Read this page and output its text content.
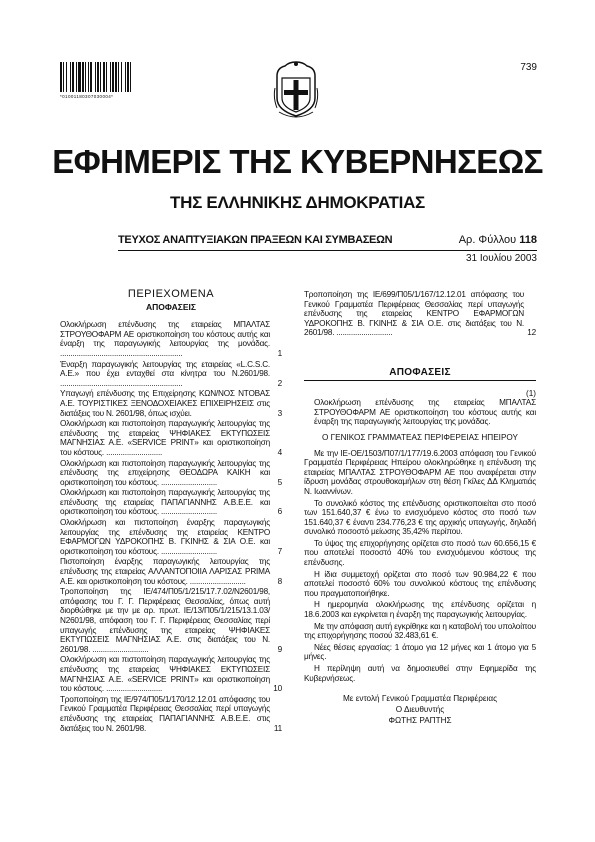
*01001180307030004*
739
ΕΦΗΜΕΡΙΣ ΤΗΣ ΚΥΒΕΡΝΗΣΕΩΣ
ΤΗΣ ΕΛΛΗΝΙΚΗΣ ΔΗΜΟΚΡΑΤΙΑΣ
ΤΕΥΧΟΣ ΑΝΑΠΤΥΞΙΑΚΩΝ ΠΡΑΞΕΩΝ ΚΑΙ ΣΥΜΒΑΣΕΩΝ	Αρ. Φύλλου 118
31 Ιουλίου 2003
ΠΕΡΙΕΧΟΜΕΝΑ
ΑΠΟΦΑΣΕΙΣ
Ολοκλήρωση επένδυσης της εταιρείας ΜΠΑΛΤΑΣ ΣΤΡΟΥΘΟΦΑΡΜ ΑΕ οριστικοποίηση του κόστους αυτής και έναρξη της παραγωγικής λειτουργίας της μονάδας. ...........................................................	1
Έναρξη παραγωγικής λειτουργίας της εταιρείας «L.C.S.C. A.E.» που έχει ενταχθεί στα κίνητρα του Ν.2601/98. ...........................................................	2
Υπαγωγή επένδυσης της Επιχείρησης ΚΩΝ/ΝΟΣ ΝΤΟΒΑΣ Α.Ε. ΤΟΥΡΙΣΤΙΚΕΣ ΞΕΝΟΔΟΧΕΙΑΚΕΣ ΕΠΙΧΕΙΡΗΣΕΙΣ στις διατάξεις του Ν. 2601/98, όπως ισχύει.	3
Ολοκλήρωση και πιστοποίηση παραγωγικής λειτουργίας της επένδυσης της εταιρείας ΨΗΦΙΑΚΕΣ ΕΚΤΥΠΩΣΕΙΣ ΜΑΓΝΗΣΙΑΣ Α.Ε. «SERVICE PRINT» και οριστικοποίηση του κόστους. ...........................	4
Ολοκλήρωση και πιστοποίηση παραγωγικής λειτουργίας της επένδυσης της επιχείρησης ΘΕΟΔΩΡΑ ΚΑΙΚΗ και οριστικοποίηση του κόστους. ...........................	5
Ολοκλήρωση και πιστοποίηση παραγωγικής λειτουργίας της επένδυσης της εταιρείας ΠΑΠΑΓΙΑΝΝΗΣ Α.Β.Ε.Ε. και οριστικοποίηση του κόστους. ...........................	6
Ολοκλήρωση και πιστοποίηση έναρξης παραγωγικής λειτουργίας της επένδυσης της εταιρείας ΚΕΝΤΡΟ ΕΦΑΡΜΟΓΩΝ ΥΔΡΟΚΟΠΗΣ Β. ΓΚΙΝΗΣ & ΣΙΑ Ο.Ε. και οριστικοποίηση του κόστους. ...........................	7
Πιστοποίηση έναρξης παραγωγικής λειτουργίας της επένδυσης της εταιρείας ΑΛΛΑΝΤΟΠΟΙΙΑ ΛΑΡΙΣΑΣ PRIMA Α.Ε. και οριστικοποίηση του κόστους. ...........................	8
Τροποποίηση της ΙΕ/474/Π05/1/215/17.7.02/Ν2601/98, απόφασης του Γ. Γ. Περιφέρειας Θεσσαλίας, όπως αυτή διορθώθηκε με την με αρ. πρωτ. ΙΕ/13/Π05/1/215/13.1.03/Ν2601/98, απόφαση του Γ. Γ. Περιφέρειας Θεσσαλίας περί υπαγωγής επένδυσης της εταιρείας ΨΗΦΙΑΚΕΣ ΕΚΤΥΠΩΣΕΙΣ ΜΑΓΝΗΣΙΑΣ Α.Ε. στις διατάξεις του Ν. 2601/98. ...........................	9
Ολοκλήρωση και πιστοποίηση παραγωγικής λειτουργίας της επένδυσης της εταιρείας ΨΗΦΙΑΚΕΣ ΕΚΤΥΠΩΣΕΙΣ ΜΑΓΝΗΣΙΑΣ Α.Ε. «SERVICE PRINT» και οριστικοποίηση του κόστους. ...........................	10
Τροποποίηση της ΙΕ/974/Π05/1/170/12.12.01 απόφασης του Γενικού Γραμματέα Περιφέρειας Θεσσαλίας περί υπαγωγής επένδυσης της εταιρείας ΠΑΠΑΓΙΑΝΝΗΣ Α.Β.Ε.Ε. στις διατάξεις του Ν. 2601/98.	11
Τροποποίηση της ΙΕ/699/Π05/1/167/12.12.01 απόφασης του Γενικού Γραμματέα Περιφέρειας Θεσσαλίας περί υπαγωγής επένδυσης της εταιρείας ΚΕΝΤΡΟ ΕΦΑΡΜΟΓΩΝ ΥΔΡΟΚΟΠΗΣ Β. ΓΚΙΝΗΣ & ΣΙΑ Ο.Ε. στις διατάξεις του Ν. 2601/98. ...........................	12
ΑΠΟΦΑΣΕΙΣ

(1)

Ολοκλήρωση επένδυσης της εταιρείας ΜΠΑΛΤΑΣ ΣΤΡΟΥΘΟΦΑΡΜ ΑΕ οριστικοποίηση του κόστους αυτής και έναρξη της παραγωγικής λειτουργίας της μονάδας.

Ο ΓΕΝΙΚΟΣ ΓΡΑΜΜΑΤΕΑΣ ΠΕΡΙΦΕΡΕΙΑΣ ΗΠΕΙΡΟΥ

Με την ΙΕ-ΟΕ/1503/Π07/1/177/19.6.2003 απόφαση του Γενικού Γραμματέα Περιφέρειας Ηπείρου ολοκληρώθηκε η επένδυση της εταιρείας ΜΠΑΛΤΑΣ ΣΤΡΟΥΘΟΦΑΡΜ ΑΕ που αναφέρεται στην ίδρυση μονάδας στρουθοκαμήλων στη θέση Γκίλες ΔΔ Κληματιάς Ν. Ιωαννίνων.

Το συνολικό κόστος της επένδυσης οριστικοποιείται στο ποσό των 151.640,37 € ένω το ενισχυόμενο κόστος στο ποσό των 151.640,37 € έναντι 234.776,23 € της αρχικής υπαγωγής, δηλαδή συνολικό ποσοστό μείωσης 35,42% περίπου.

Το ύψος της επιχορήγησης ορίζεται στο ποσό των 60.656,15 € που αποτελεί ποσοστό 40% του ενισχυόμενου κόστους της επένδυσης.

Η ίδια συμμετοχή ορίζεται στο ποσό των 90.984,22 € που αποτελεί ποσοστό 60% του συνολικού κόστους της επένδυσης που πραγματοποιήθηκε.

Η ημερομηνία ολοκλήρωσης της επένδυσης ορίζεται η 18.6.2003 και εγκρίνεται η έναρξη της παραγωγικής λειτουργίας.

Με την απόφαση αυτή εγκρίθηκε και η καταβολή του υπολοίπου της επιχορήγησης ποσού 32.483,61 €.

Νέες θέσεις εργασίας: 1 άτομο για 12 μήνες και 1 άτομο για 5 μήνες.

Η περίληψη αυτή να δημοσιευθεί στην Εφημερίδα της Κυβερνήσεως.

Με εντολή Γενικού Γραμματέα Περιφέρειας

Ο Διευθυντής

ΦΩΤΗΣ ΡΑΠΤΗΣ
